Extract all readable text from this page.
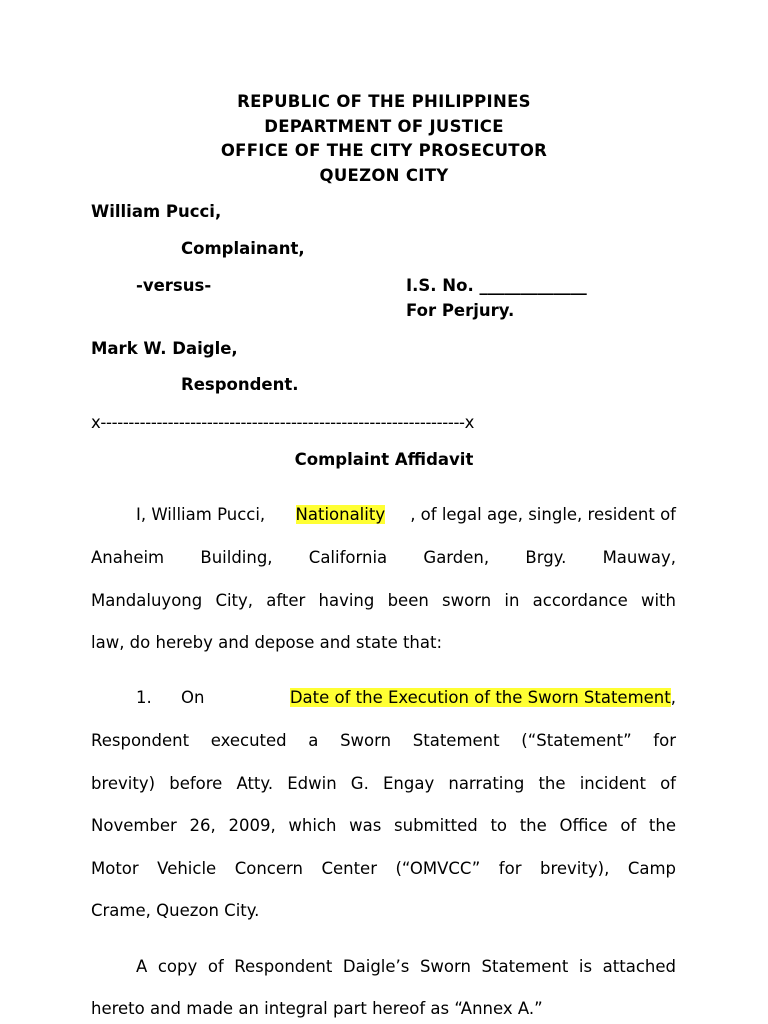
REPUBLIC OF THE PHILIPPINES
DEPARTMENT OF JUSTICE
OFFICE OF THE CITY PROSECUTOR
QUEZON CITY
William Pucci,
Complainant,
-versus-	I.S. No. _____________
For Perjury.
Mark W. Daigle,
Respondent.
x-----------------------------------------------------------------x
Complaint Affidavit
I, William Pucci, Nationality , of legal age, single, resident of
Anaheim Building, California Garden, Brgy. Mauway,
Mandaluyong City, after having been sworn in accordance with
law, do hereby and depose and state that:
1. On	Date of the Execution of the Sworn Statement,
Respondent executed a Sworn Statement (“Statement” for
brevity) before Atty. Edwin G. Engay narrating the incident of
November 26, 2009, which was submitted to the Office of the
Motor Vehicle Concern Center (“OMVCC” for brevity), Camp
Crame, Quezon City.
A copy of Respondent Daigle’s Sworn Statement is attached
hereto and made an integral part hereof as “Annex A.”
